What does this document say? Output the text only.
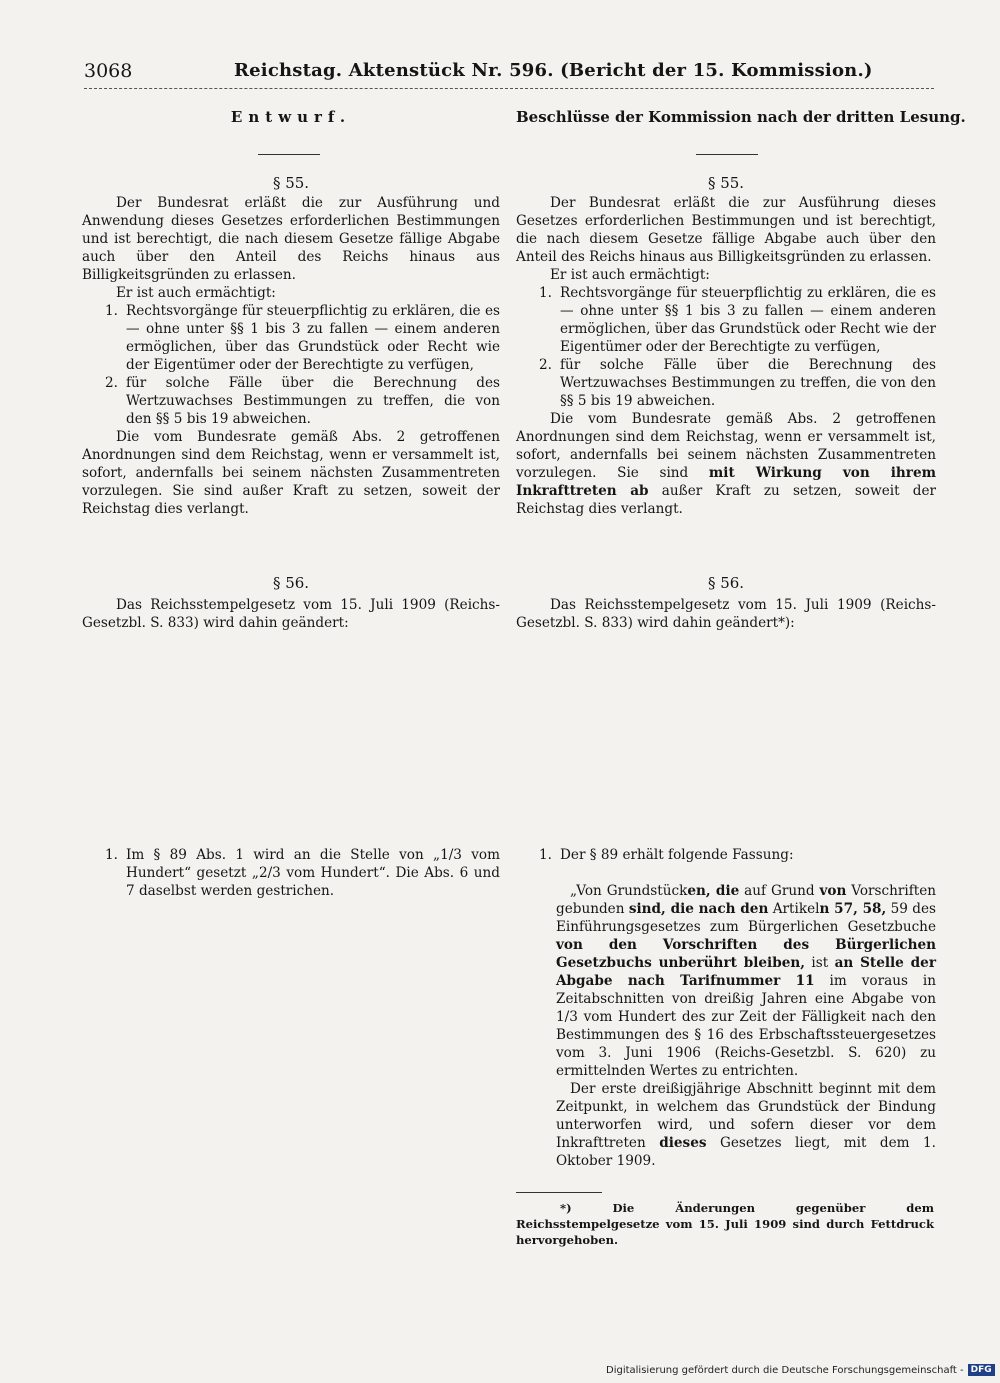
3068	Reichstag. Aktenstück Nr. 596. (Bericht der 15. Kommission.)
Entwurf.
§ 55.
Der Bundesrat erläßt die zur Ausführung und Anwendung dieses Gesetzes erforderlichen Bestimmungen und ist berechtigt, die nach diesem Gesetze fällige Abgabe auch über den Anteil des Reichs hinaus aus Billigkeitsgründen zu erlassen.
Er ist auch ermächtigt:
1. Rechtsvorgänge für steuerpflichtig zu erklären, die es — ohne unter §§ 1 bis 3 zu fallen — einem anderen ermöglichen, über das Grundstück oder Recht wie der Eigentümer oder der Berechtigte zu verfügen,
2. für solche Fälle über die Berechnung des Wertzuwachses Bestimmungen zu treffen, die von den §§ 5 bis 19 abweichen.
Die vom Bundesrate gemäß Abs. 2 getroffenen Anordnungen sind dem Reichstag, wenn er versammelt ist, sofort, andernfalls bei seinem nächsten Zusammentreten vorzulegen. Sie sind außer Kraft zu setzen, soweit der Reichstag dies verlangt.
§ 56.
Das Reichsstempelgesetz vom 15. Juli 1909 (Reichs-Gesetzbl. S. 833) wird dahin geändert:
1. Im § 89 Abs. 1 wird an die Stelle von „1/3 vom Hundert“ gesetzt „2/3 vom Hundert“. Die Abs. 6 und 7 daselbst werden gestrichen.
Beschlüsse der Kommission nach der dritten Lesung.
§ 55.
Der Bundesrat erläßt die zur Ausführung dieses Gesetzes erforderlichen Bestimmungen und ist berechtigt, die nach diesem Gesetze fällige Abgabe auch über den Anteil des Reichs hinaus aus Billigkeitsgründen zu erlassen.
Er ist auch ermächtigt:
1. Rechtsvorgänge für steuerpflichtig zu erklären, die es — ohne unter §§ 1 bis 3 zu fallen — einem anderen ermöglichen, über das Grundstück oder Recht wie der Eigentümer oder der Berechtigte zu verfügen,
2. für solche Fälle über die Berechnung des Wertzuwachses Bestimmungen zu treffen, die von den §§ 5 bis 19 abweichen.
Die vom Bundesrate gemäß Abs. 2 getroffenen Anordnungen sind dem Reichstag, wenn er versammelt ist, sofort, andernfalls bei seinem nächsten Zusammentreten vorzulegen. Sie sind mit Wirkung von ihrem Inkrafttreten ab außer Kraft zu setzen, soweit der Reichstag dies verlangt.
§ 56.
Das Reichsstempelgesetz vom 15. Juli 1909 (Reichs-Gesetzbl. S. 833) wird dahin geändert*):
1. Der § 89 erhält folgende Fassung:
„Von Grundstücken, die auf Grund von Vorschriften gebunden sind, die nach den Artikeln 57, 58, 59 des Einführungsgesetzes zum Bürgerlichen Gesetzbuche von den Vorschriften des Bürgerlichen Gesetzbuchs unberührt bleiben, ist an Stelle der Abgabe nach Tarifnummer 11 im voraus in Zeitabschnitten von dreißig Jahren eine Abgabe von 1/3 vom Hundert des zur Zeit der Fälligkeit nach den Bestimmungen des § 16 des Erbschaftssteuergesetzes vom 3. Juni 1906 (Reichs-Gesetzbl. S. 620) zu ermittelnden Wertes zu entrichten.
Der erste dreißigjährige Abschnitt beginnt mit dem Zeitpunkt, in welchem das Grundstück der Bindung unterworfen wird, und sofern dieser vor dem Inkrafttreten dieses Gesetzes liegt, mit dem 1. Oktober 1909.
*) Die Änderungen gegenüber dem Reichsstempelgesetze vom 15. Juli 1909 sind durch Fettdruck hervorgehoben.
Digitalisierung gefördert durch die Deutsche Forschungsgemeinschaft - DFG
